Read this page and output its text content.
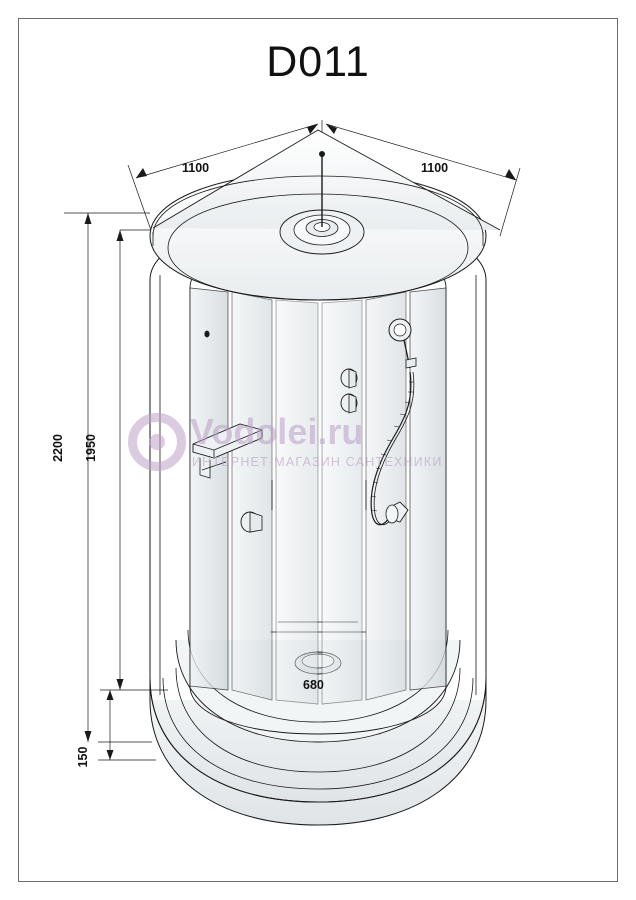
D011
1100	1100
2200 1950
150
680
Vodolei.ru
ИНТЕРНЕТ-МАГАЗИН САНТЕХНИКИ
